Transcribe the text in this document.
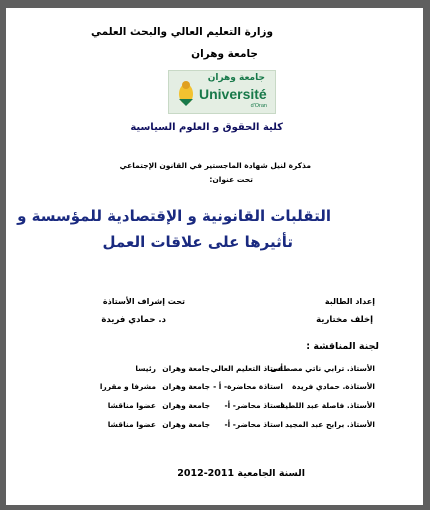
وزارة التعليم العالي والبحث العلمي
جامعة وهران
جامعة وهران
Université
d'Oran
كلية الحقوق و العلوم السياسية
مذكرة لنيل شهادة الماجستير في القانون الإجتماعي
تحت عنوان:
التقلبات القانونية و الإقتصادية للمؤسسة و
تأثيرها على علاقات العمل
إعداد الطالبة
إخلف مختارية
تحت إشراف الأستاذة
د. حمادي فريدة
لجنة المناقشة :
الأستاذ. ترابي ناتي مصطفى
أستاذ التعليم العالي
جامعة وهران
رئيسا
الأستاذة. حمادي فريدة
استاذة محاضرة- أ -
جامعة وهران
مشرفا و مقررا
الأستاذ. فاصلة عبد اللطيف
استاذ محاضر- أ-
جامعة وهران
عضوا مناقشا
الأستاذ. برابح عبد المجيد
استاذ محاضر- أ-
جامعة وهران
عضوا مناقشا
السنة الجامعية 2011-2012
